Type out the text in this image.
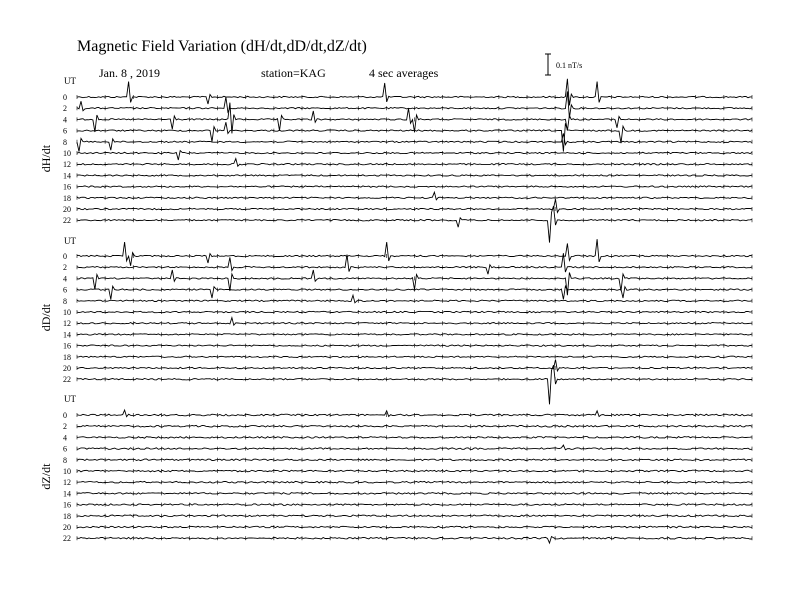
Magnetic Field Variation (dH/dt,dD/dt,dZ/dt)
Jan. 8 , 2019	station=KAG	4 sec averages
0.1 nT/s
UT
dH/dt
0
2
4
6
8
10
12
14
16
18
20
22
UT
dD/dt
0
2
4
6
8
10
12
14
16
18
20
22
UT
dZ/dt
0
2
4
6
8
10
12
14
16
18
20
22
